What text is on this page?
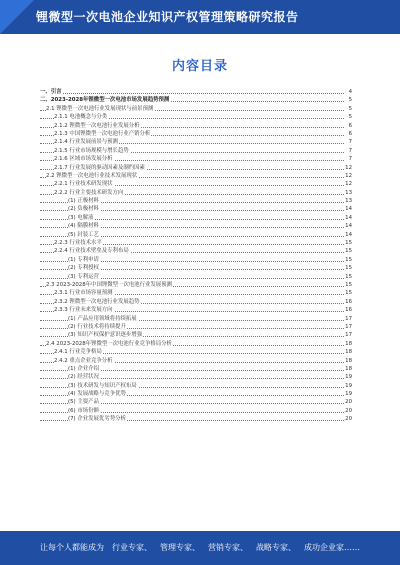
锂微型一次电池企业知识产权管理策略研究报告
内容目录
一、引言	4
二、2023-2028年锂微型一次电池市场发展趋势预测	5
2.1 锂微型一次电池行业发展现状与前景预测	5
2.1.1 电池概念与分类	5
2.1.2 锂微型一次电池行业发展分析	6
2.1.3 中国锂微型一次电池行业产销分析	6
2.1.4 行业发展前景与预测	7
2.1.5 行业市场规模与增长趋势	7
2.1.6 区域市场发展分析	7
2.1.7 行业发展的驱动因素及制约因素	12
2.2 锂微型一次电池行业技术发展现状	12
2.2.1 行业技术研发现状	12
2.2.2 行业主要技术研发方向	13
(1) 正极材料	13
(2) 负极材料	14
(3) 电解液	14
(4) 隔膜材料	14
(5) 封装工艺	14
2.2.3 行业技术水平	15
2.2.4 行业技术壁垒及专利布局	15
(1) 专利申请	15
(2) 专利授权	15
(3) 专利运营	15
2.3 2023-2028年中国锂微型一次电池行业发展预测	15
2.3.1 行业市场容量预测	15
2.3.2 锂微型一次电池行业发展趋势	16
2.3.3 行业未来发展方向	16
(1) 产品应用领域将持续拓展	17
(2) 行业技术将持续提升	17
(3) 知识产权保护意识逐步增强	17
2.4 2023-2028年锂微型一次电池行业竞争格局分析	18
2.4.1 行业竞争格局	18
2.4.2 重点企业竞争分析	18
(1) 企业介绍	18
(2) 经营状况	19
(3) 技术研发与知识产权布局	19
(4) 发展战略与竞争优势	19
(5) 主要产品	20
(6) 市场份额	20
(7) 企业发展优劣势分析	20
让每个人都能成为 行业专家、 管理专家、 营销专家、 战略专家、 成功企业家……
